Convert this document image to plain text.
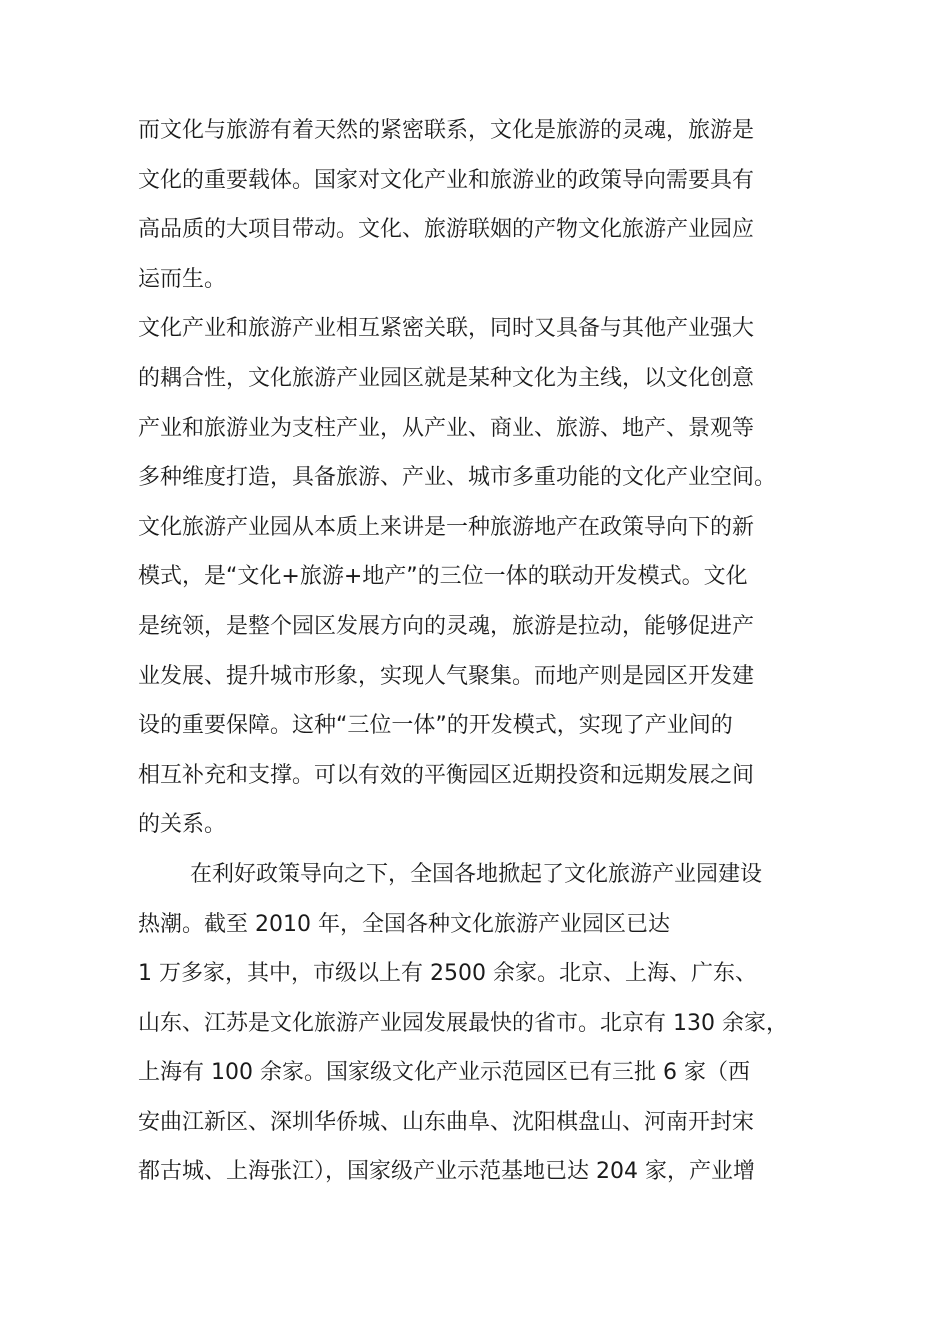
而文化与旅游有着天然的紧密联系，文化是旅游的灵魂，旅游是
文化的重要载体。国家对文化产业和旅游业的政策导向需要具有
高品质的大项目带动。文化、旅游联姻的产物文化旅游产业园应
运而生。
文化产业和旅游产业相互紧密关联，同时又具备与其他产业强大
的耦合性，文化旅游产业园区就是某种文化为主线，以文化创意
产业和旅游业为支柱产业，从产业、商业、旅游、地产、景观等
多种维度打造，具备旅游、产业、城市多重功能的文化产业空间。
文化旅游产业园从本质上来讲是一种旅游地产在政策导向下的新
模式，是“文化+旅游+地产”的三位一体的联动开发模式。文化
是统领，是整个园区发展方向的灵魂，旅游是拉动，能够促进产
业发展、提升城市形象，实现人气聚集。而地产则是园区开发建
设的重要保障。这种“三位一体”的开发模式，实现了产业间的
相互补充和支撑。可以有效的平衡园区近期投资和远期发展之间
的关系。
在利好政策导向之下，全国各地掀起了文化旅游产业园建设
热潮。截至 2010 年，全国各种文化旅游产业园区已达
1 万多家，其中，市级以上有 2500 余家。北京、上海、广东、
山东、江苏是文化旅游产业园发展最快的省市。北京有 130 余家，
上海有 100 余家。国家级文化产业示范园区已有三批 6 家（西
安曲江新区、深圳华侨城、山东曲阜、沈阳棋盘山、河南开封宋
都古城、上海张江），国家级产业示范基地已达 204 家，产业增
